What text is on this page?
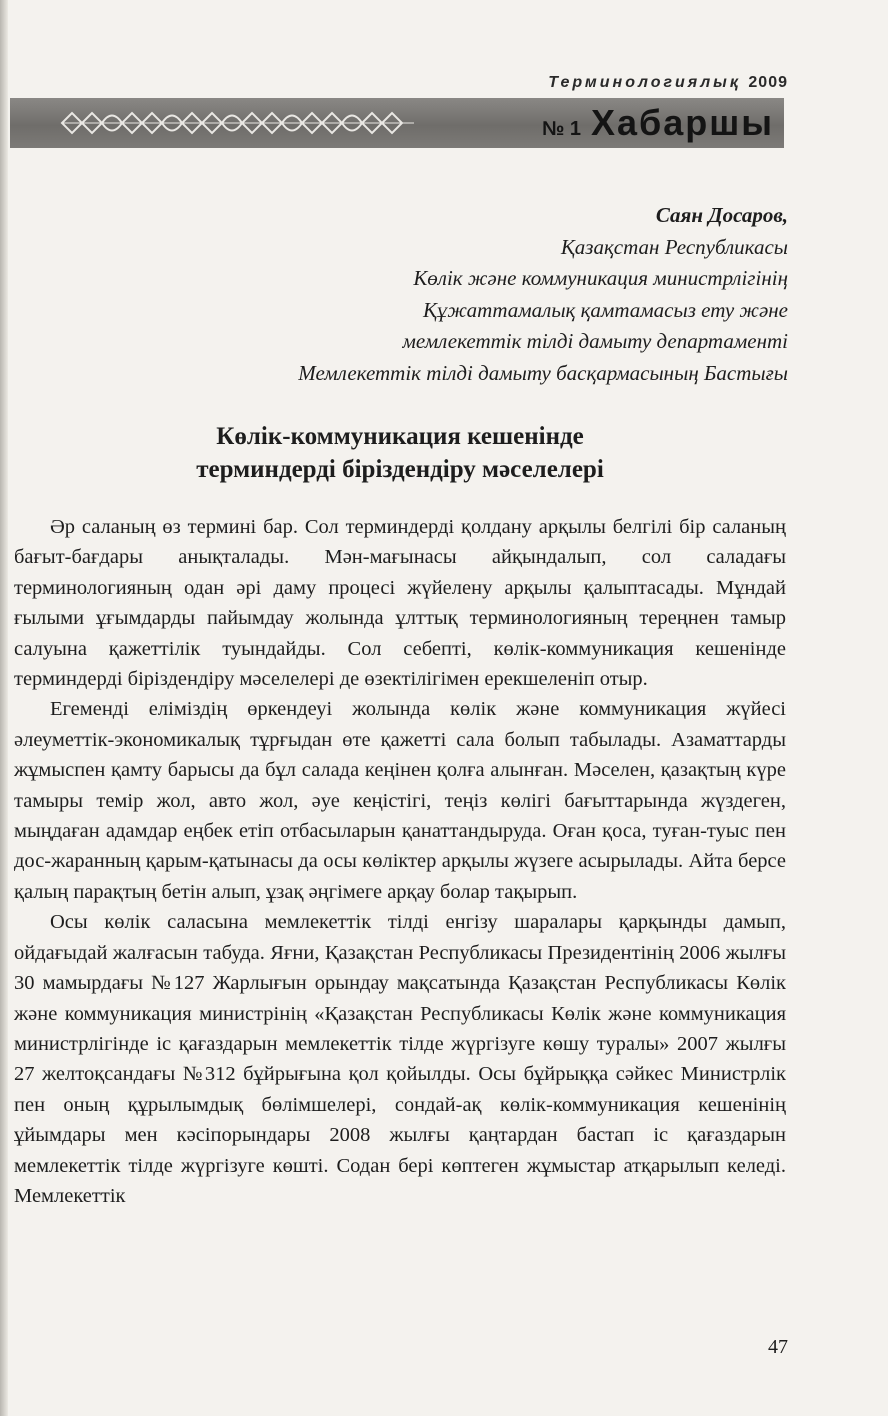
Терминологиялық 2009
№ 1 Хабаршы
Саян Досаров,
Қазақстан Республикасы
Көлік және коммуникация министрлігінің
Құжаттамалық қамтамасыз ету және
мемлекеттік тілді дамыту департаменті
Мемлекеттік тілді дамыту басқармасының Бастығы
Көлік-коммуникация кешенінде
терминдерді біріздендіру мәселелері

Әр саланың өз термині бар. Сол терминдерді қолдану арқылы белгілі бір саланың бағыт-бағдары анықталады. Мән-мағынасы айқындалып, сол саладағы терминологияның одан әрі даму процесі жүйелену арқылы қалыптасады. Мұндай ғылыми ұғымдарды пайымдау жолында ұлттық терминологияның тереңнен тамыр салуына қажеттілік туындайды. Сол себепті, көлік-коммуникация кешенінде терминдерді біріздендіру мәселелері де өзектілігімен ерекшеленіп отыр.

Егеменді еліміздің өркендеуі жолында көлік және коммуникация жүйесі әлеуметтік-экономикалық тұрғыдан өте қажетті сала болып табылады. Азаматтарды жұмыспен қамту барысы да бұл салада кеңінен қолға алынған. Мәселен, қазақтың күре тамыры темір жол, авто жол, әуе кеңістігі, теңіз көлігі бағыттарында жүздеген, мыңдаған адамдар еңбек етіп отбасыларын қанаттандыруда. Оған қоса, туған-туыс пен дос-жаранның қарым-қатынасы да осы көліктер арқылы жүзеге асырылады. Айта берсе қалың парақтың бетін алып, ұзақ әңгімеге арқау болар тақырып.

Осы көлік саласына мемлекеттік тілді енгізу шаралары қарқынды дамып, ойдағыдай жалғасын табуда. Яғни, Қазақстан Республикасы Президентінің 2006 жылғы 30 мамырдағы №127 Жарлығын орындау мақсатында Қазақстан Республикасы Көлік және коммуникация министрінің «Қазақстан Республикасы Көлік және коммуникация министрлігінде іс қағаздарын мемлекеттік тілде жүргізуге көшу туралы» 2007 жылғы 27 желтоқсандағы №312 бұйрығына қол қойылды. Осы бұйрыққа сәйкес Министрлік пен оның құрылымдық бөлімшелері, сондай-ақ көлік-коммуникация кешенінің ұйымдары мен кәсіпорындары 2008 жылғы қаңтардан бастап іс қағаздарын мемлекеттік тілде жүргізуге көшті. Содан бері көптеген жұмыстар атқарылып келеді. Мемлекеттік

47
